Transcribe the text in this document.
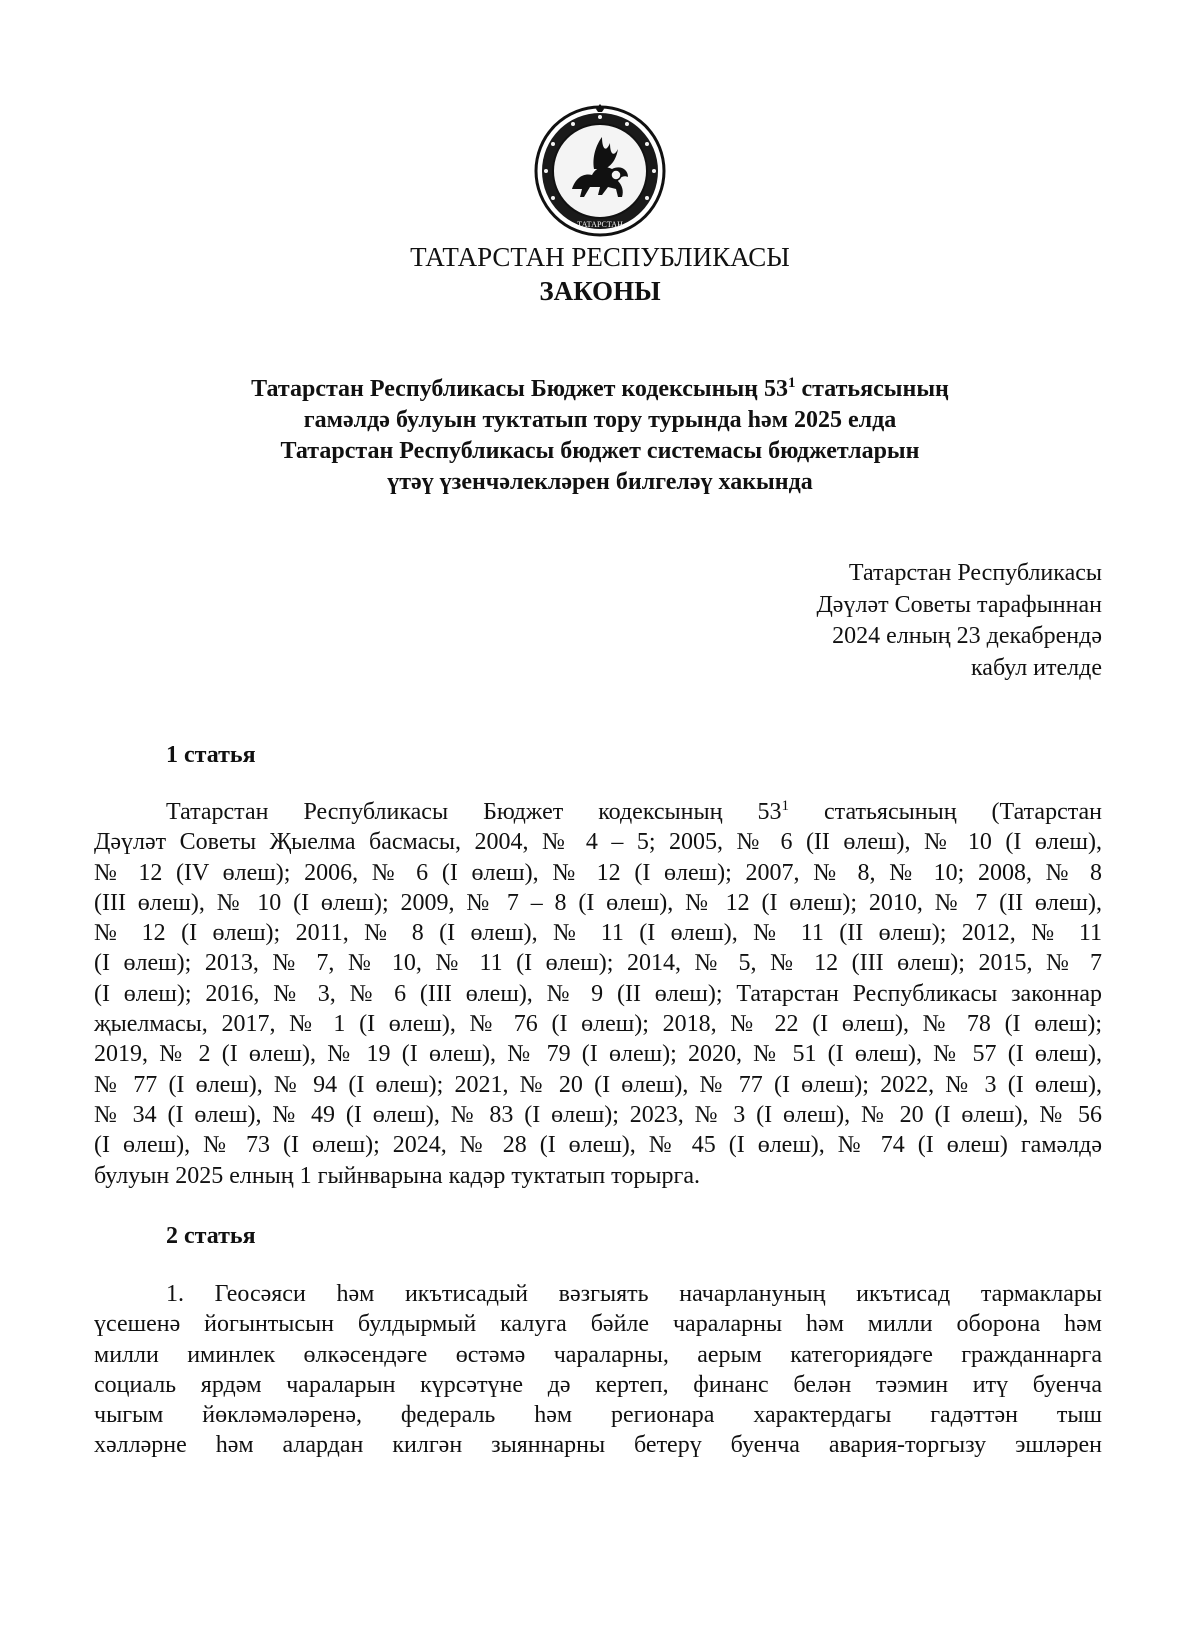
ТАТАРСТАН
ТАТАРСТАН РЕСПУБЛИКАСЫ
ЗАКОНЫ
Татарстан Республикасы Бюджет кодексының $53^1$ статьясының
гамәлдә булуын туктатып тору турында һәм 2025 елда
Татарстан Республикасы бюджет системасы бюджетларын
үтәү үзенчәлекләрен билгеләү хакында
Татарстан Республикасы
Дәүләт Советы тарафыннан
2024 елның 23 декабрендә
кабул ителде
1 статья
Татарстан Республикасы Бюджет кодексының $53^1$ статьясының (Татарстан
Дәүләт Советы Җыелма басмасы, 2004, № 4 – 5; 2005, № 6 (II өлеш), № 10 (I өлеш),
№ 12 (IV өлеш); 2006, № 6 (I өлеш), № 12 (I өлеш); 2007, № 8, № 10; 2008, № 8
(III өлеш), № 10 (I өлеш); 2009, № 7 – 8 (I өлеш), № 12 (I өлеш); 2010, № 7 (II өлеш),
№ 12 (I өлеш); 2011, № 8 (I өлеш), № 11 (I өлеш), № 11 (II өлеш); 2012, № 11
(I өлеш); 2013, № 7, № 10, № 11 (I өлеш); 2014, № 5, № 12 (III өлеш); 2015, № 7
(I өлеш); 2016, № 3, № 6 (III өлеш), № 9 (II өлеш); Татарстан Республикасы законнар
җыелмасы, 2017, № 1 (I өлеш), № 76 (I өлеш); 2018, № 22 (I өлеш), № 78 (I өлеш);
2019, № 2 (I өлеш), № 19 (I өлеш), № 79 (I өлеш); 2020, № 51 (I өлеш), № 57 (I өлеш),
№ 77 (I өлеш), № 94 (I өлеш); 2021, № 20 (I өлеш), № 77 (I өлеш); 2022, № 3 (I өлеш),
№ 34 (I өлеш), № 49 (I өлеш), № 83 (I өлеш); 2023, № 3 (I өлеш), № 20 (I өлеш), № 56
(I өлеш), № 73 (I өлеш); 2024, № 28 (I өлеш), № 45 (I өлеш), № 74 (I өлеш) гамәлдә
булуын 2025 елның 1 гыйнварына кадәр туктатып торырга.
2 статья
1. Геосәяси һәм икътисадый вәзгыять начарлануның икътисад тармаклары
үсешенә йогынтысын булдырмый калуга бәйле чараларны һәм милли оборона һәм
милли иминлек өлкәсендәге өстәмә чараларны, аерым категориядәге гражданнарга
социаль ярдәм чараларын күрсәтүне дә кертеп, финанс белән тәэмин итү буенча
чыгым йөкләмәләренә, федераль һәм регионара характердагы гадәттән тыш
хәлләрне һәм алардан килгән зыяннарны бетерү буенча авария-торгызу эшләрен
